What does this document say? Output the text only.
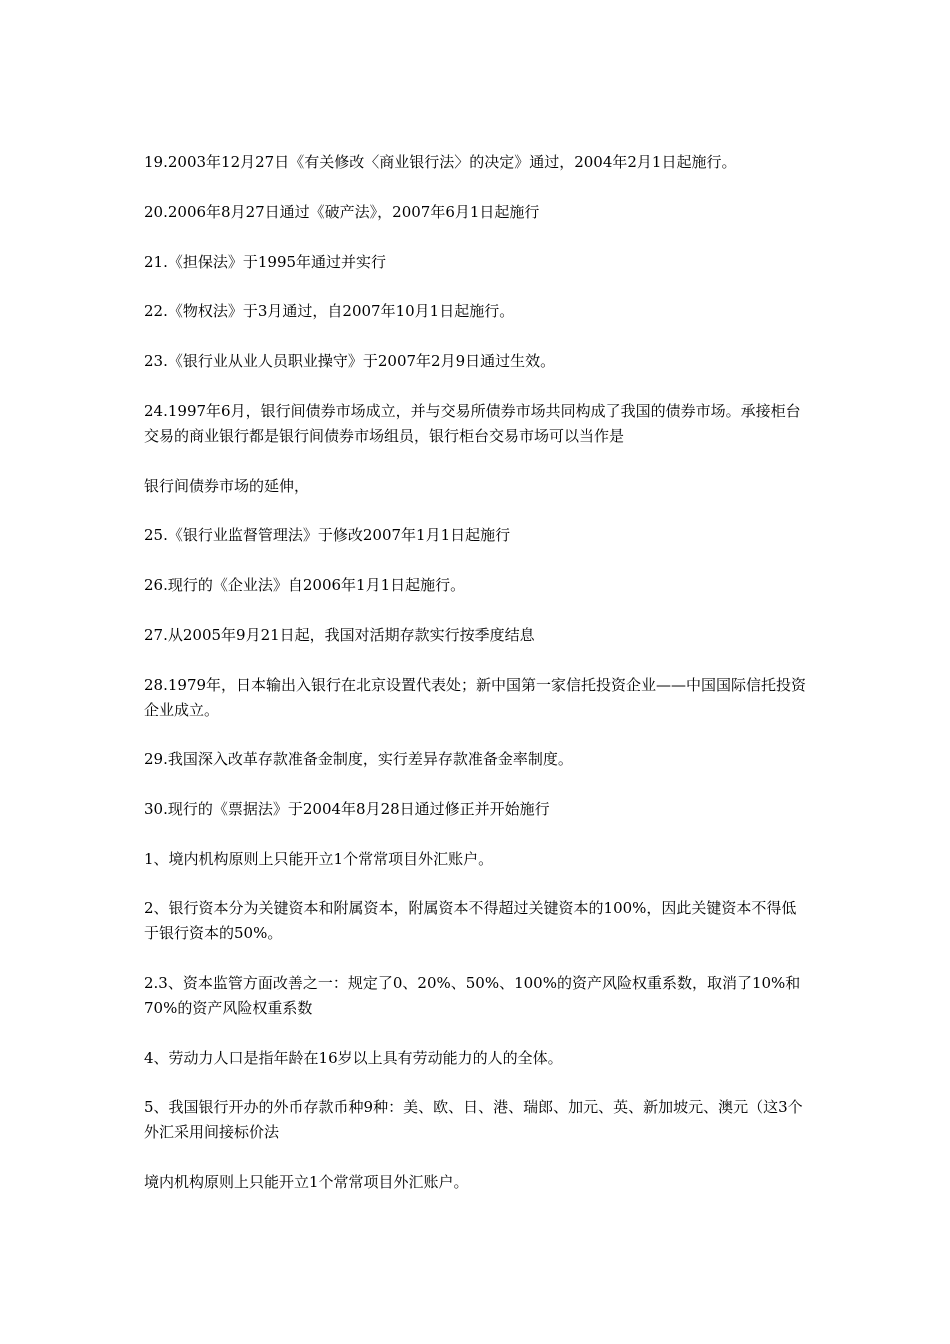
19.2003年12月27日《有关修改〈商业银行法〉的决定》通过，2004年2月1日起施行。

20.2006年8月27日通过《破产法》，2007年6月1日起施行

21.《担保法》于1995年通过并实行

22.《物权法》于3月通过，自2007年10月1日起施行。

23.《银行业从业人员职业操守》于2007年2月9日通过生效。

24.1997年6月，银行间债券市场成立，并与交易所债券市场共同构成了我国的债券市场。承接柜台交易的商业银行都是银行间债券市场组员，银行柜台交易市场可以当作是

银行间债券市场的延伸，

25.《银行业监督管理法》于修改2007年1月1日起施行

26.现行的《企业法》自2006年1月1日起施行。

27.从2005年9月21日起，我国对活期存款实行按季度结息

28.1979年，日本输出入银行在北京设置代表处；新中国第一家信托投资企业——中国国际信托投资企业成立。

29.我国深入改革存款准备金制度，实行差异存款准备金率制度。

30.现行的《票据法》于2004年8月28日通过修正并开始施行

1、境内机构原则上只能开立1个常常项目外汇账户。

2、银行资本分为关键资本和附属资本，附属资本不得超过关键资本的100%，因此关键资本不得低于银行资本的50%。

2.3、资本监管方面改善之一：规定了0、20%、50%、100%的资产风险权重系数，取消了10%和70%的资产风险权重系数

4、劳动力人口是指年龄在16岁以上具有劳动能力的人的全体。

5、我国银行开办的外币存款币种9种：美、欧、日、港、瑞郎、加元、英、新加坡元、澳元（这3个外汇采用间接标价法

境内机构原则上只能开立1个常常项目外汇账户。
